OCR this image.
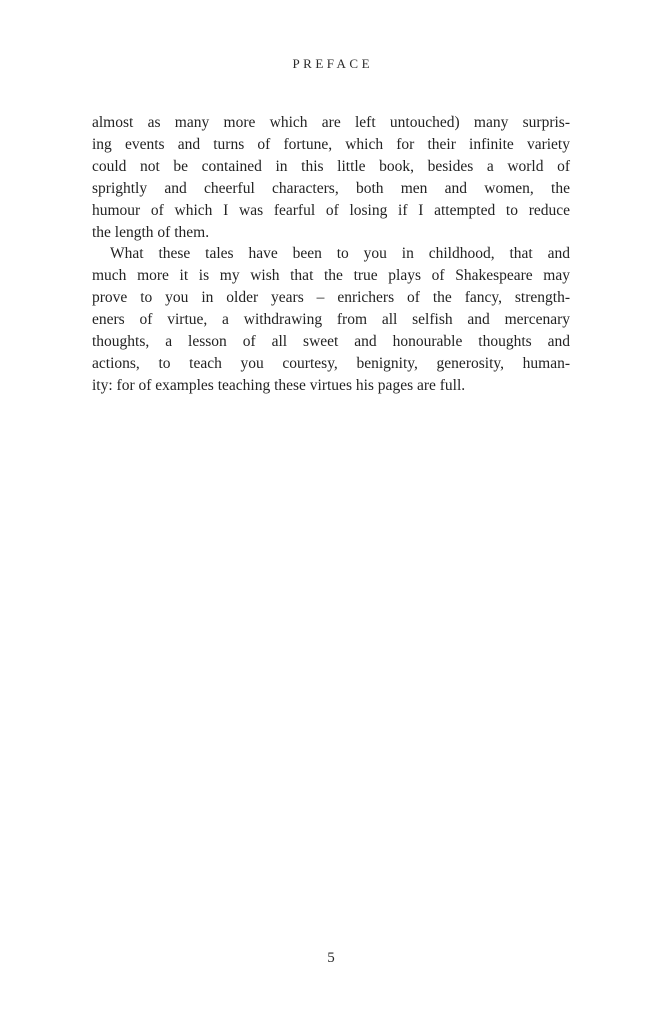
PREFACE
almost as many more which are left untouched) many surpris-
ing events and turns of fortune, which for their infinite variety
could not be contained in this little book, besides a world of
sprightly and cheerful characters, both men and women, the
humour of which I was fearful of losing if I attempted to reduce
the length of them.
What these tales have been to you in childhood, that and
much more it is my wish that the true plays of Shakespeare may
prove to you in older years – enrichers of the fancy, strength-
eners of virtue, a withdrawing from all selfish and mercenary
thoughts, a lesson of all sweet and honourable thoughts and
actions, to teach you courtesy, benignity, generosity, human-
ity: for of examples teaching these virtues his pages are full.
5
